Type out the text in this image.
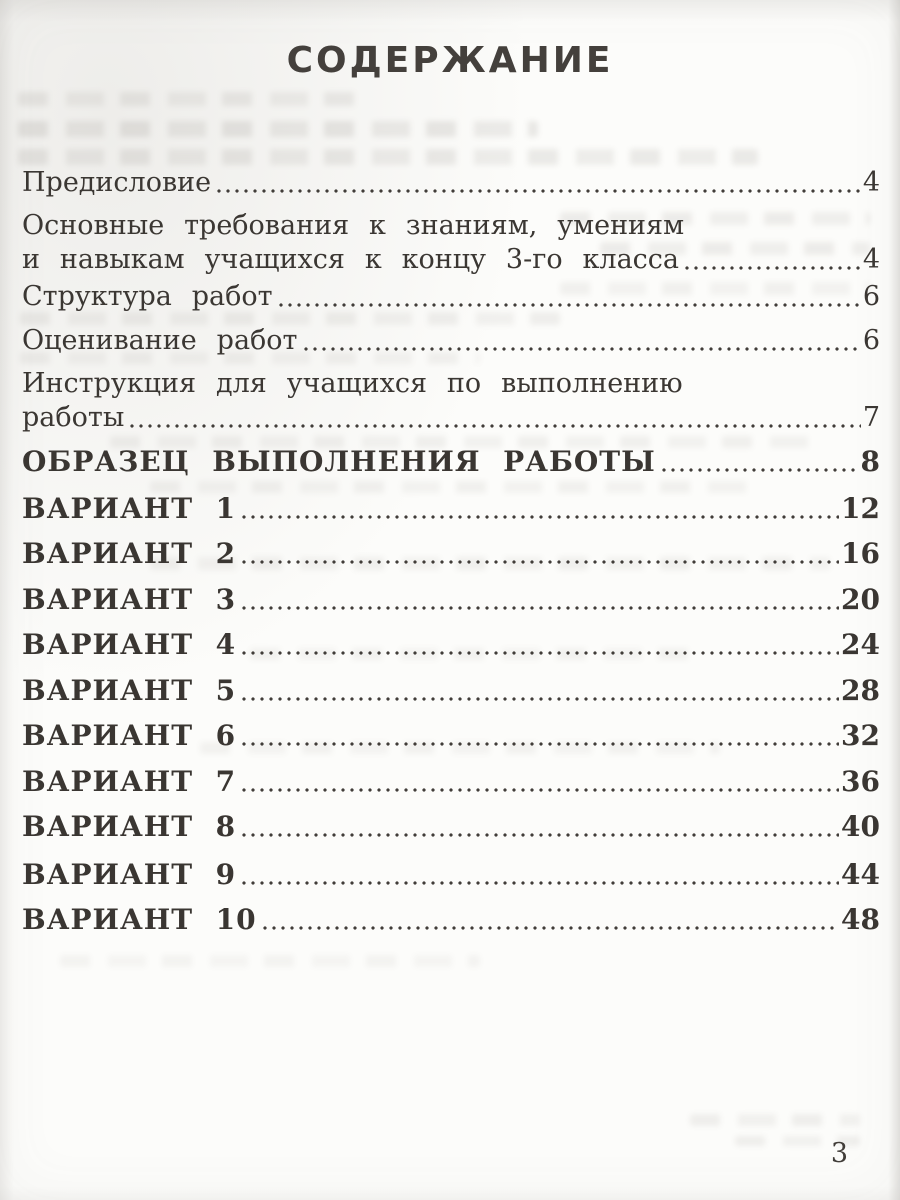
СОДЕРЖАНИЕ
Предисловие	4
Основные требования к знаниям, умениям
и навыкам учащихся к концу 3-го класса	4
Структура работ	6
Оценивание работ	6
Инструкция для учащихся по выполнению
работы	7
ОБРАЗЕЦ ВЫПОЛНЕНИЯ РАБОТЫ	8
ВАРИАНТ 1	12
ВАРИАНТ 2	16
ВАРИАНТ 3	20
ВАРИАНТ 4	24
ВАРИАНТ 5	28
ВАРИАНТ 6	32
ВАРИАНТ 7	36
ВАРИАНТ 8	40
ВАРИАНТ 9	44
ВАРИАНТ 10	48
3
